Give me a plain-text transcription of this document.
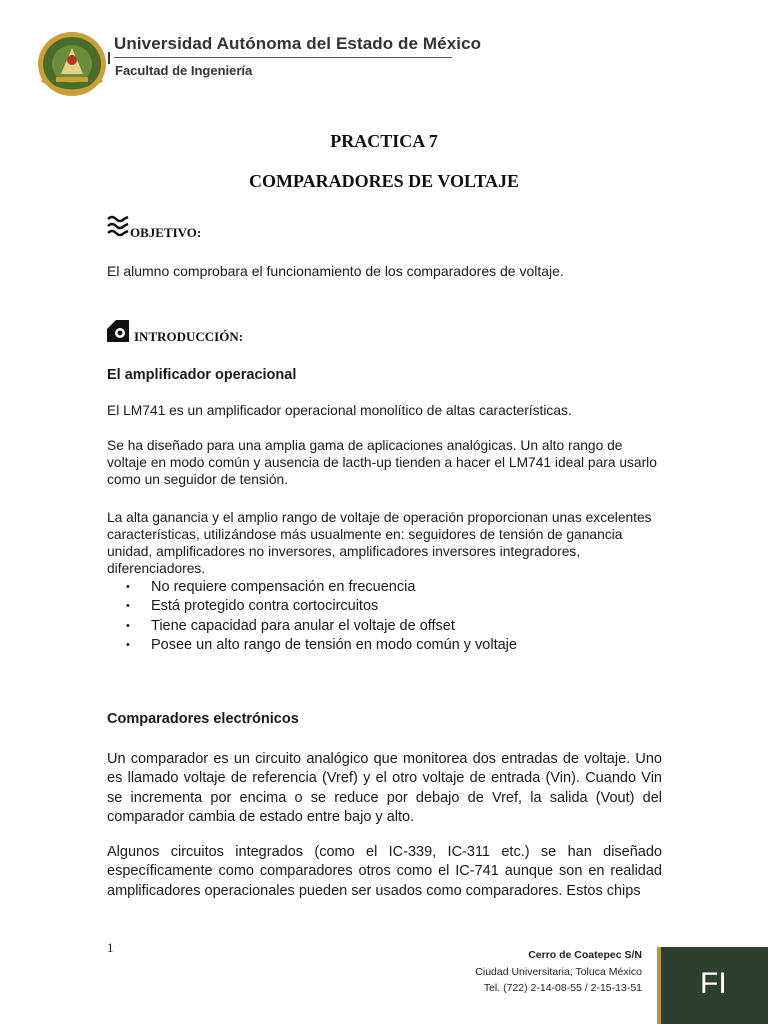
Universidad Autónoma del Estado de México
Facultad de Ingeniería
PRACTICA 7
COMPARADORES DE VOLTAJE
OBJETIVO:
El alumno comprobara el funcionamiento de los comparadores de voltaje.
INTRODUCCIÓN:
El amplificador operacional
El LM741 es un amplificador operacional monolítico de altas características.
Se ha diseñado para una amplia gama de aplicaciones analógicas. Un alto rango de voltaje en modo común y ausencia de lacth-up tienden a hacer el LM741 ideal para usarlo como un seguidor de tensión.
La alta ganancia y el amplio rango de voltaje de operación proporcionan unas excelentes características, utilizándose más usualmente en: seguidores de tensión de ganancia unidad, amplificadores no inversores, amplificadores inversores integradores, diferenciadores.
• No requiere compensación en frecuencia
• Está protegido contra cortocircuitos
• Tiene capacidad para anular el voltaje de offset
• Posee un alto rango de tensión en modo común y voltaje
Comparadores electrónicos
Un comparador es un circuito analógico que monitorea dos entradas de voltaje. Uno es llamado voltaje de referencia (Vref) y el otro voltaje de entrada (Vin). Cuando Vin se incrementa por encima o se reduce por debajo de Vref, la salida (Vout) del comparador cambia de estado entre bajo y alto.
Algunos circuitos integrados (como el IC-339, IC-311 etc.) se han diseñado específicamente como comparadores otros como el IC-741 aunque son en realidad amplificadores operacionales pueden ser usados como comparadores. Estos chips
1	Cerro de Coatepec S/N
Ciudad Universitaria; Toluca México
Tel. (722) 2-14-08-55 / 2-15-13-51 FI
